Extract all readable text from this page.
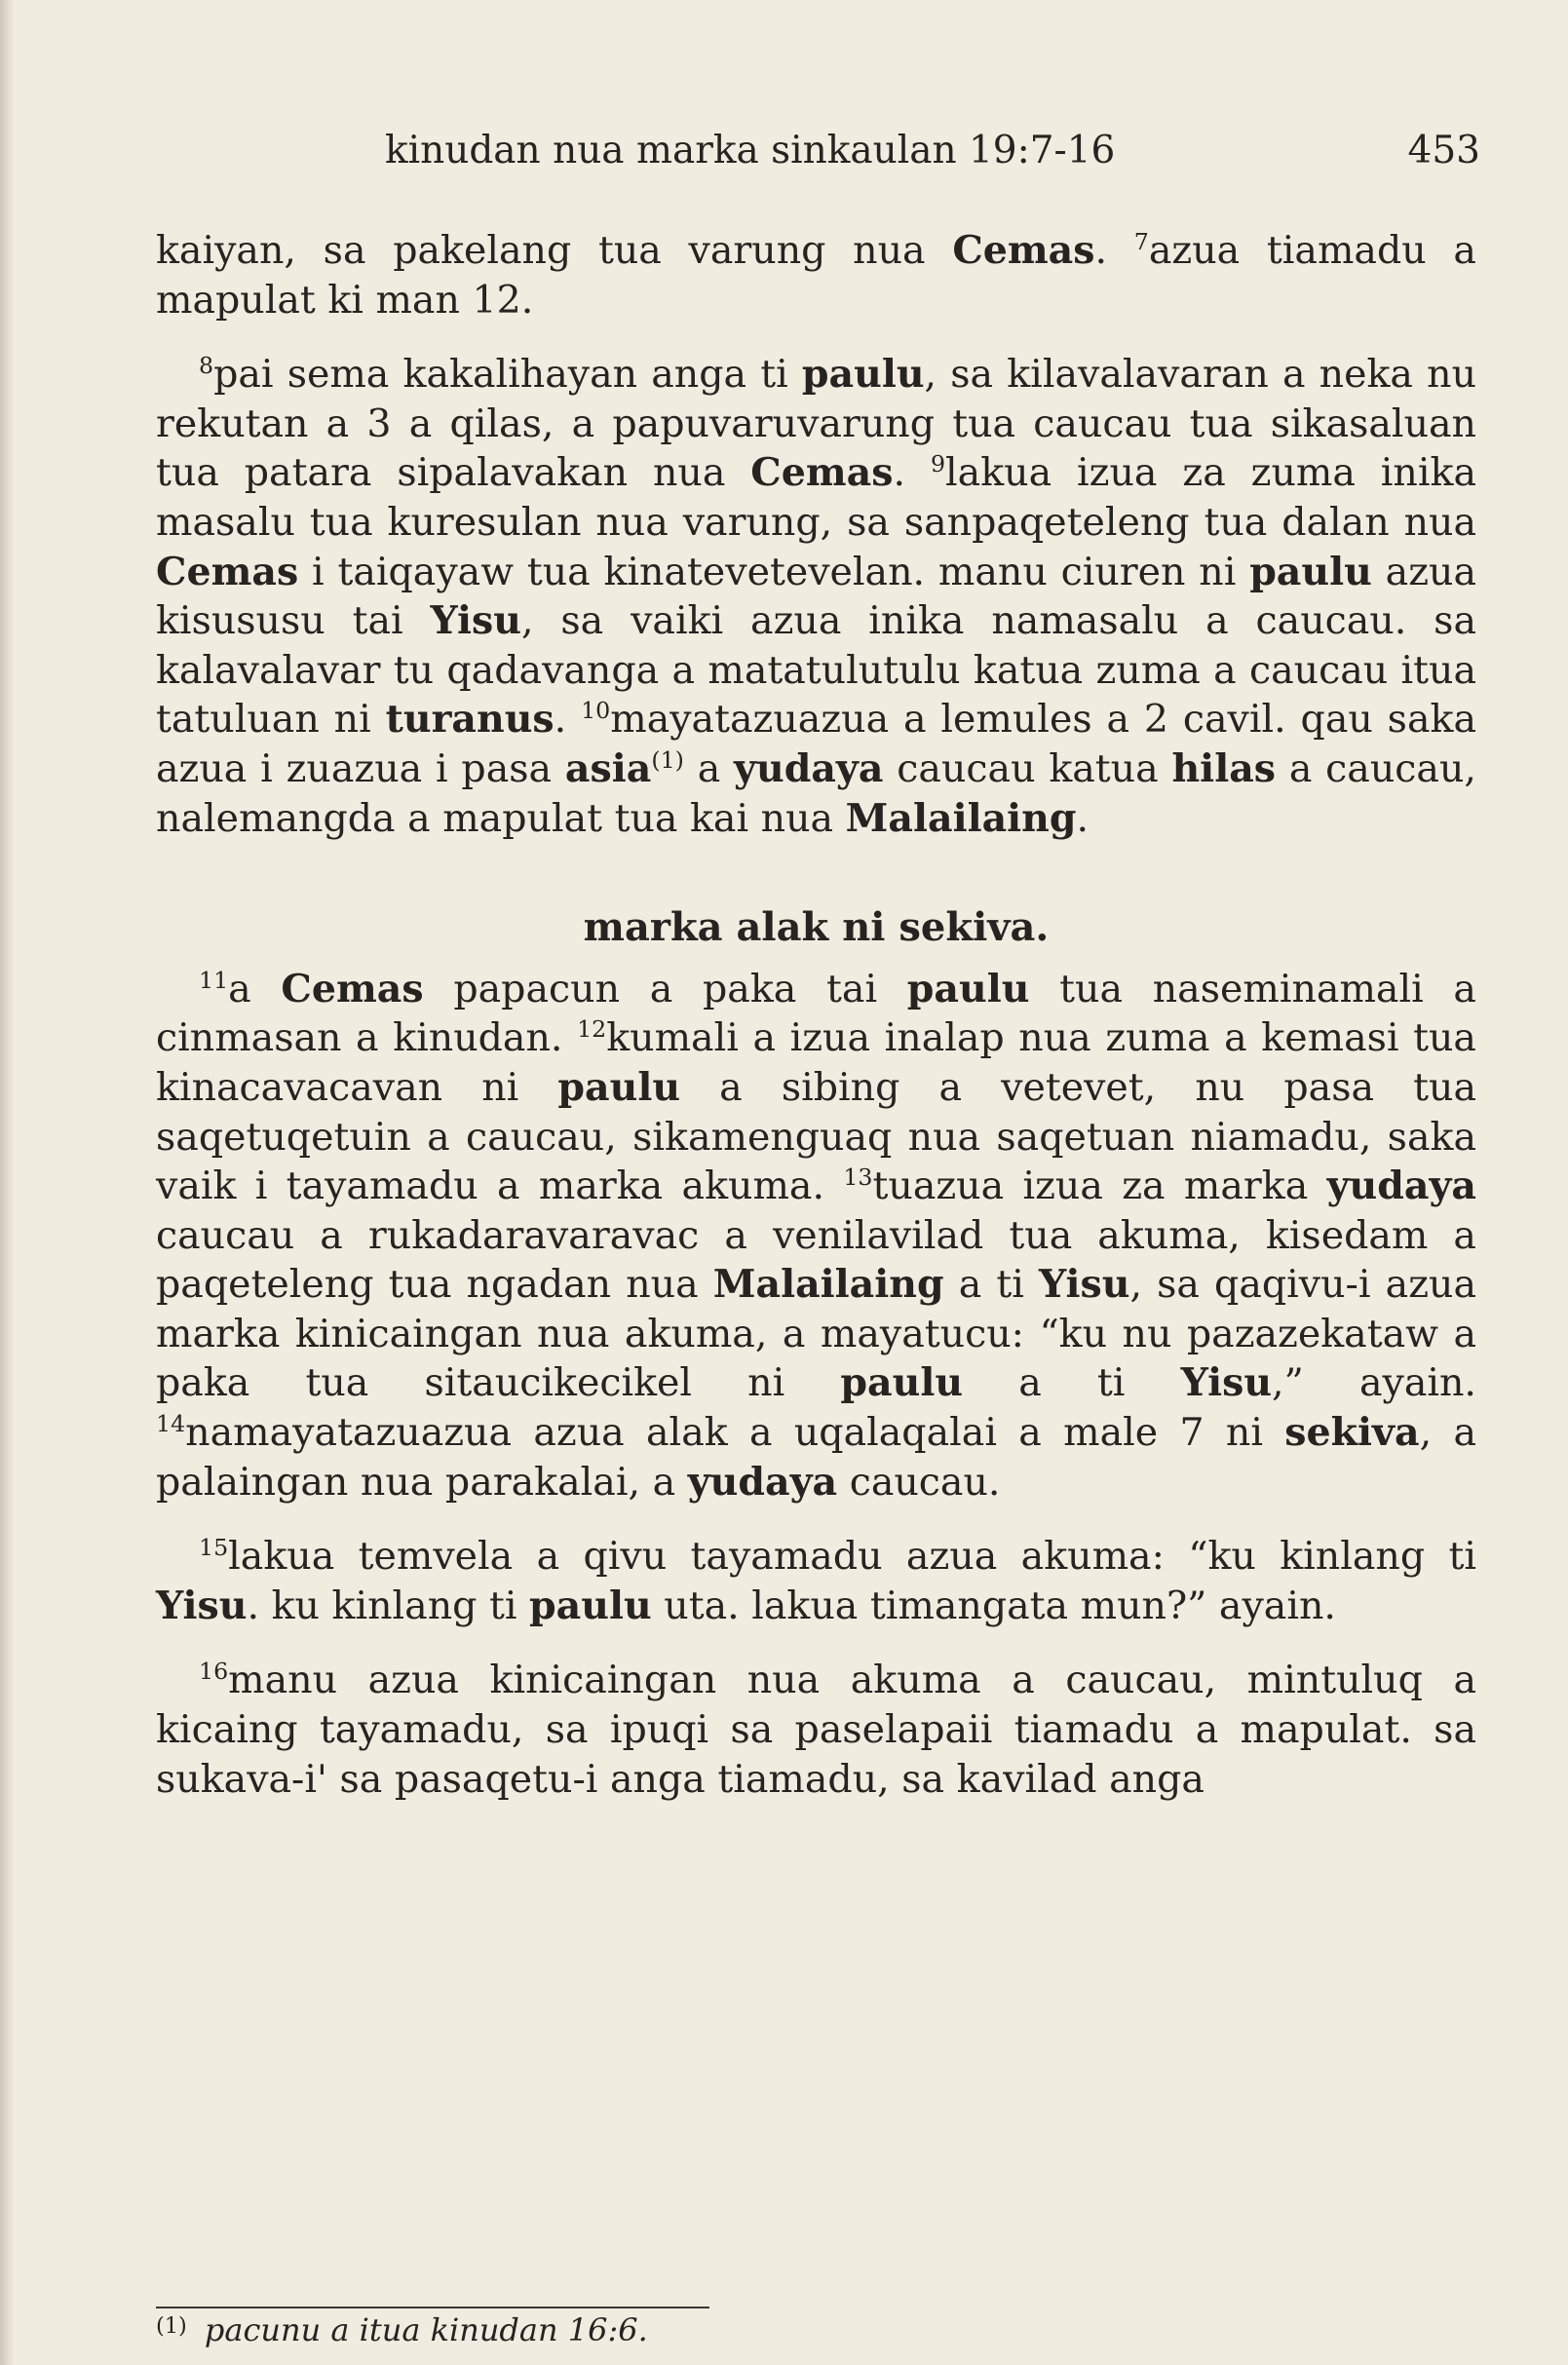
kinudan nua marka sinkaulan 19:7-16	453

kaiyan, sa pakelang tua varung nua Cemas. $^7$azua tiamadu a mapulat ki man 12.

$^8$pai sema kakalihayan anga ti paulu, sa kilavalavaran a neka nu rekutan a 3 a qilas, a papuvaruvarung tua caucau tua sikasaluan tua patara sipalavakan nua Cemas. $^9$lakua izua za zuma inika masalu tua kuresulan nua varung, sa sanpaqeteleng tua dalan nua Cemas i taiqayaw tua kinatevetevelan. manu ciuren ni paulu azua kisususu tai Yisu, sa vaiki azua inika namasalu a caucau. sa kalavalavar tu qadavanga a matatulutulu katua zuma a caucau itua tatuluan ni turanus. $^{10}$mayatazuazua a lemules a 2 cavil. qau saka azua i zuazua i pasa asia$^{(1)}$ a yudaya caucau katua hilas a caucau, nalemangda a mapulat tua kai nua Malailaing.

marka alak ni sekiva.

$^{11}$a Cemas papacun a paka tai paulu tua naseminamali a cinmasan a kinudan. $^{12}$kumali a izua inalap nua zuma a kemasi tua kinacavacavan ni paulu a sibing a vetevet, nu pasa tua saqetuqetuin a caucau, sikamenguaq nua saqetuan niamadu, saka vaik i tayamadu a marka akuma. $^{13}$tuazua izua za marka yudaya caucau a rukadaravaravac a venilavilad tua akuma, kisedam a paqeteleng tua ngadan nua Malailaing a ti Yisu, sa qaqivu-i azua marka kinicaingan nua akuma, a mayatucu: “ku nu pazazekataw a paka tua sitaucikecikel ni paulu a ti Yisu,” ayain. $^{14}$namayatazuazua azua alak a uqalaqalai a male 7 ni sekiva, a palaingan nua parakalai, a yudaya caucau.

$^{15}$lakua temvela a qivu tayamadu azua akuma: “ku kinlang ti Yisu. ku kinlang ti paulu uta. lakua timangata mun?” ayain.

$^{16}$manu azua kinicaingan nua akuma a caucau, mintuluq a kicaing tayamadu, sa ipuqi sa paselapaii tiamadu a mapulat. sa sukava-i' sa pasaqetu-i anga tiamadu, sa kavilad anga

$^{(1)}$ pacunu a itua kinudan 16:6.
